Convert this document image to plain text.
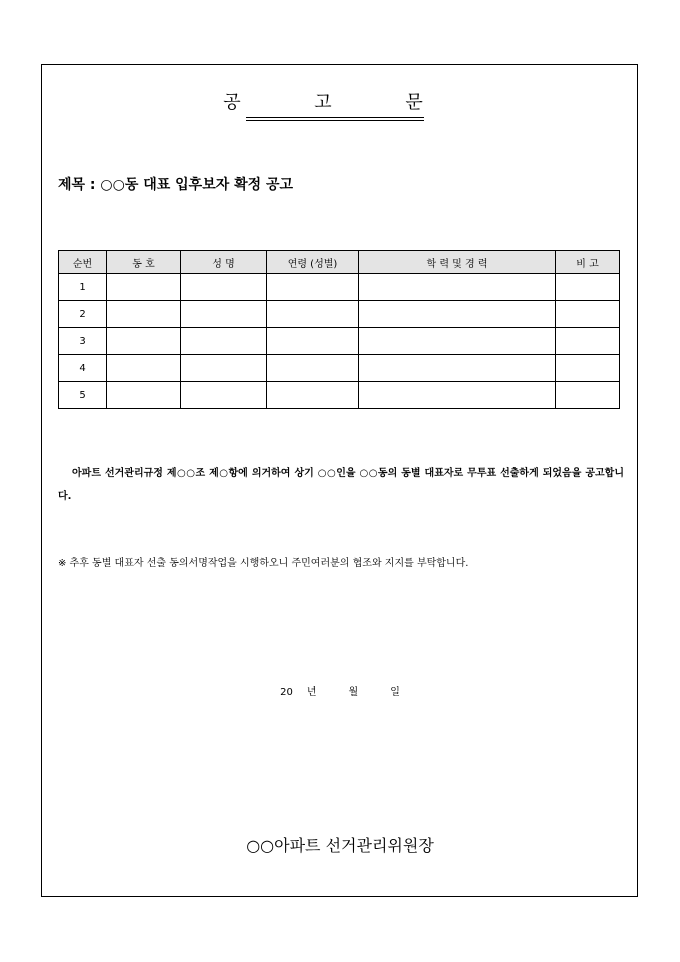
공 고 문
제목 : ○○동 대표 입후보자 확정 공고
순번	동 호	성 명	연령 (성별)	학 력 및 경 력	비 고
1					
2					
3					
4					
5					
아파트 선거관리규정 제○○조 제○항에 의거하여 상기 ○○인을 ○○동의 동별 대표자로 무투표 선출하게 되었음을 공고합니다.
※ 추후 동별 대표자 선출 동의서명작업을 시행하오니 주민여러분의 협조와 지지를 부탁합니다.
20 년	월	일
○○아파트 선거관리위원장
